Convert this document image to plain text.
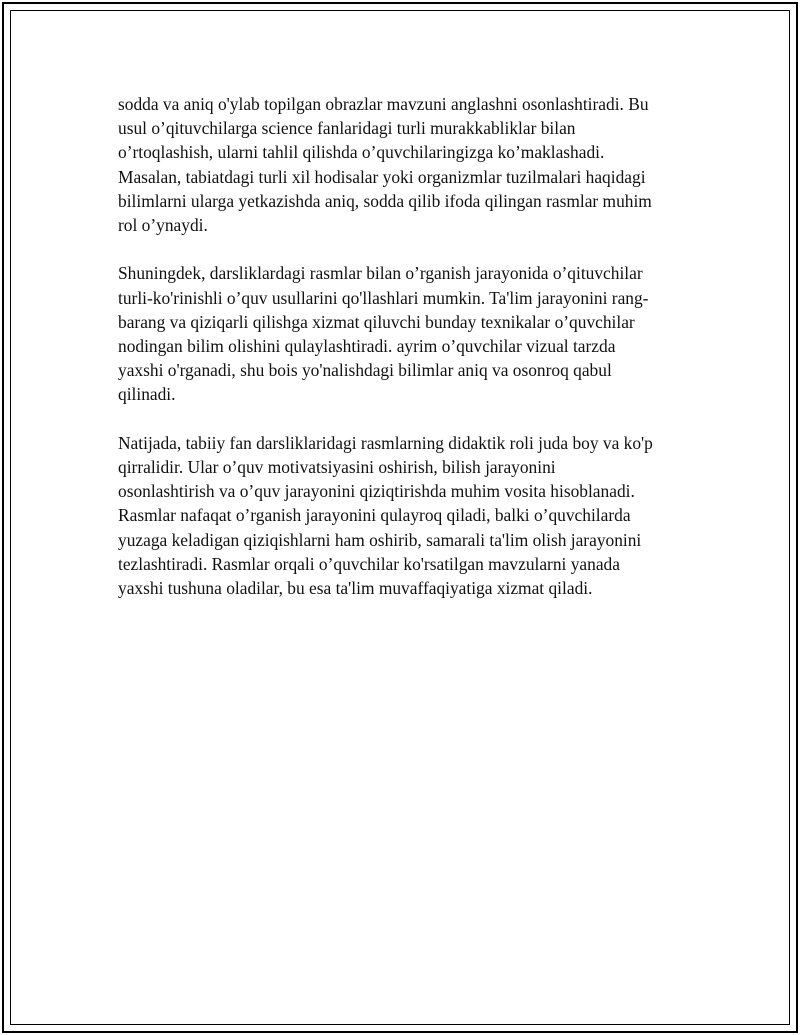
sodda va aniq o'ylab topilgan obrazlar mavzuni anglashni osonlashtiradi. Bu
usul o’qituvchilarga science fanlaridagi turli murakkabliklar bilan
o’rtoqlashish, ularni tahlil qilishda o’quvchilaringizga ko’maklashadi.
Masalan, tabiatdagi turli xil hodisalar yoki organizmlar tuzilmalari haqidagi
bilimlarni ularga yetkazishda aniq, sodda qilib ifoda qilingan rasmlar muhim
rol o’ynaydi.

Shuningdek, darsliklardagi rasmlar bilan o’rganish jarayonida o’qituvchilar
turli-ko'rinishli o’quv usullarini qo'llashlari mumkin. Ta'lim jarayonini rang-
barang va qiziqarli qilishga xizmat qiluvchi bunday texnikalar o’quvchilar
nodingan bilim olishini qulaylashtiradi. ayrim o’quvchilar vizual tarzda
yaxshi o'rganadi, shu bois yo'nalishdagi bilimlar aniq va osonroq qabul
qilinadi.

Natijada, tabiiy fan darsliklaridagi rasmlarning didaktik roli juda boy va ko'p
qirralidir. Ular o’quv motivatsiyasini oshirish, bilish jarayonini
osonlashtirish va o’quv jarayonini qiziqtirishda muhim vosita hisoblanadi.
Rasmlar nafaqat o’rganish jarayonini qulayroq qiladi, balki o’quvchilarda
yuzaga keladigan qiziqishlarni ham oshirib, samarali ta'lim olish jarayonini
tezlashtiradi. Rasmlar orqali o’quvchilar ko'rsatilgan mavzularni yanada
yaxshi tushuna oladilar, bu esa ta'lim muvaffaqiyatiga xizmat qiladi.
